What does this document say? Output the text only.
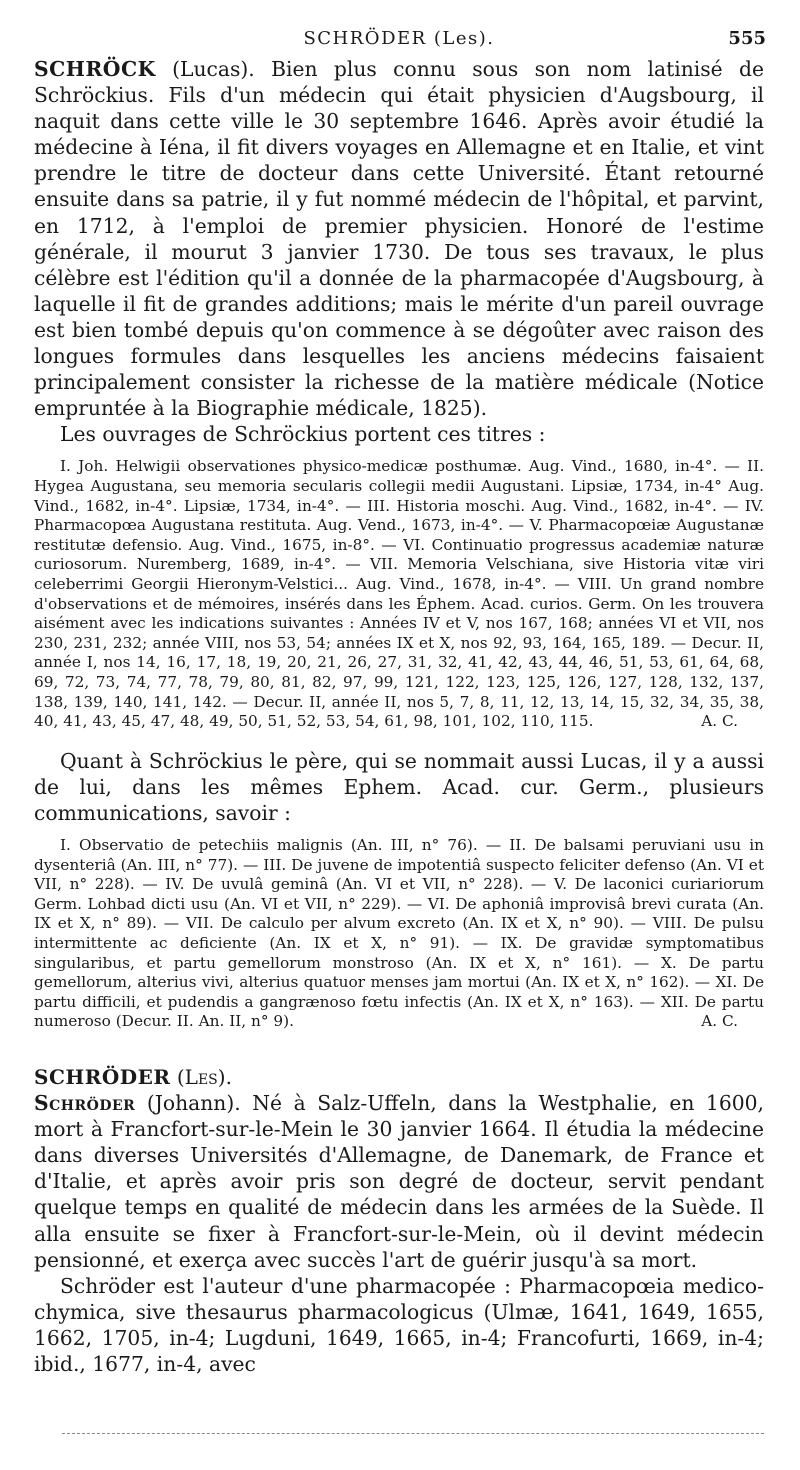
SCHRÖDER (Les).	555

SCHRÖCK (Lucas). Bien plus connu sous son nom latinisé de Schröckius. Fils d'un médecin qui était physicien d'Augsbourg, il naquit dans cette ville le 30 septembre 1646. Après avoir étudié la médecine à Iéna, il fit divers voyages en Allemagne et en Italie, et vint prendre le titre de docteur dans cette Université. Étant retourné ensuite dans sa patrie, il y fut nommé médecin de l'hôpital, et parvint, en 1712, à l'emploi de premier physicien. Honoré de l'estime générale, il mourut 3 janvier 1730. De tous ses travaux, le plus célèbre est l'édition qu'il a donnée de la pharmacopée d'Augsbourg, à laquelle il fit de grandes additions; mais le mérite d'un pareil ouvrage est bien tombé depuis qu'on commence à se dégoûter avec raison des longues formules dans lesquelles les anciens médecins faisaient principalement consister la richesse de la matière médicale (Notice empruntée à la Biographie médicale, 1825).

Les ouvrages de Schröckius portent ces titres :

I. Joh. Helwigii observationes physico-medicæ posthumæ. Aug. Vind., 1680, in-4°. — II. Hygea Augustana, seu memoria secularis collegii medii Augustani. Lipsiæ, 1734, in-4° Aug. Vind., 1682, in-4°. Lipsiæ, 1734, in-4°. — III. Historia moschi. Aug. Vind., 1682, in-4°. — IV. Pharmacopœa Augustana restituta. Aug. Vend., 1673, in-4°. — V. Pharmacopœiæ Augustanæ restitutæ defensio. Aug. Vind., 1675, in-8°. — VI. Continuatio progressus academiæ naturæ curiosorum. Nuremberg, 1689, in-4°. — VII. Memoria Velschiana, sive Historia vitæ viri celeberrimi Georgii Hieronym-Velstici... Aug. Vind., 1678, in-4°. — VIII. Un grand nombre d'observations et de mémoires, insérés dans les Éphem. Acad. curios. Germ. On les trouvera aisément avec les indications suivantes : Années IV et V, nos 167, 168; années VI et VII, nos 230, 231, 232; année VIII, nos 53, 54; années IX et X, nos 92, 93, 164, 165, 189. — Decur. II, année I, nos 14, 16, 17, 18, 19, 20, 21, 26, 27, 31, 32, 41, 42, 43, 44, 46, 51, 53, 61, 64, 68, 69, 72, 73, 74, 77, 78, 79, 80, 81, 82, 97, 99, 121, 122, 123, 125, 126, 127, 128, 132, 137, 138, 139, 140, 141, 142. — Decur. II, année II, nos 5, 7, 8, 11, 12, 13, 14, 15, 32, 34, 35, 38, 40, 41, 43, 45, 47, 48, 49, 50, 51, 52, 53, 54, 61, 98, 101, 102, 110, 115.	A. C.

Quant à Schröckius le père, qui se nommait aussi Lucas, il y a aussi de lui, dans les mêmes Ephem. Acad. cur. Germ., plusieurs communications, savoir :

I. Observatio de petechiis malignis (An. III, n° 76). — II. De balsami peruviani usu in dysenteriâ (An. III, n° 77). — III. De juvene de impotentiâ suspecto feliciter defenso (An. VI et VII, n° 228). — IV. De uvulâ geminâ (An. VI et VII, n° 228). — V. De laconici curiariorum Germ. Lohbad dicti usu (An. VI et VII, n° 229). — VI. De aphoniâ improvisâ brevi curata (An. IX et X, n° 89). — VII. De calculo per alvum excreto (An. IX et X, n° 90). — VIII. De pulsu intermittente ac deficiente (An. IX et X, n° 91). — IX. De gravidæ symptomatibus singularibus, et partu gemellorum monstroso (An. IX et X, n° 161). — X. De partu gemellorum, alterius vivi, alterius quatuor menses jam mortui (An. IX et X, n° 162). — XI. De partu difficili, et pudendis a gangrænoso fœtu infectis (An. IX et X, n° 163). — XII. De partu numeroso (Decur. II. An. II, n° 9).	A. C.

SCHRÖDER (Les).

Schröder (Johann). Né à Salz-Uffeln, dans la Westphalie, en 1600, mort à Francfort-sur-le-Mein le 30 janvier 1664. Il étudia la médecine dans diverses Universités d'Allemagne, de Danemark, de France et d'Italie, et après avoir pris son degré de docteur, servit pendant quelque temps en qualité de médecin dans les armées de la Suède. Il alla ensuite se fixer à Francfort-sur-le-Mein, où il devint médecin pensionné, et exerça avec succès l'art de guérir jusqu'à sa mort.

Schröder est l'auteur d'une pharmacopée : Pharmacopœia medico-chymica, sive thesaurus pharmacologicus (Ulmæ, 1641, 1649, 1655, 1662, 1705, in-4; Lugduni, 1649, 1665, in-4; Francofurti, 1669, in-4; ibid., 1677, in-4, avec
